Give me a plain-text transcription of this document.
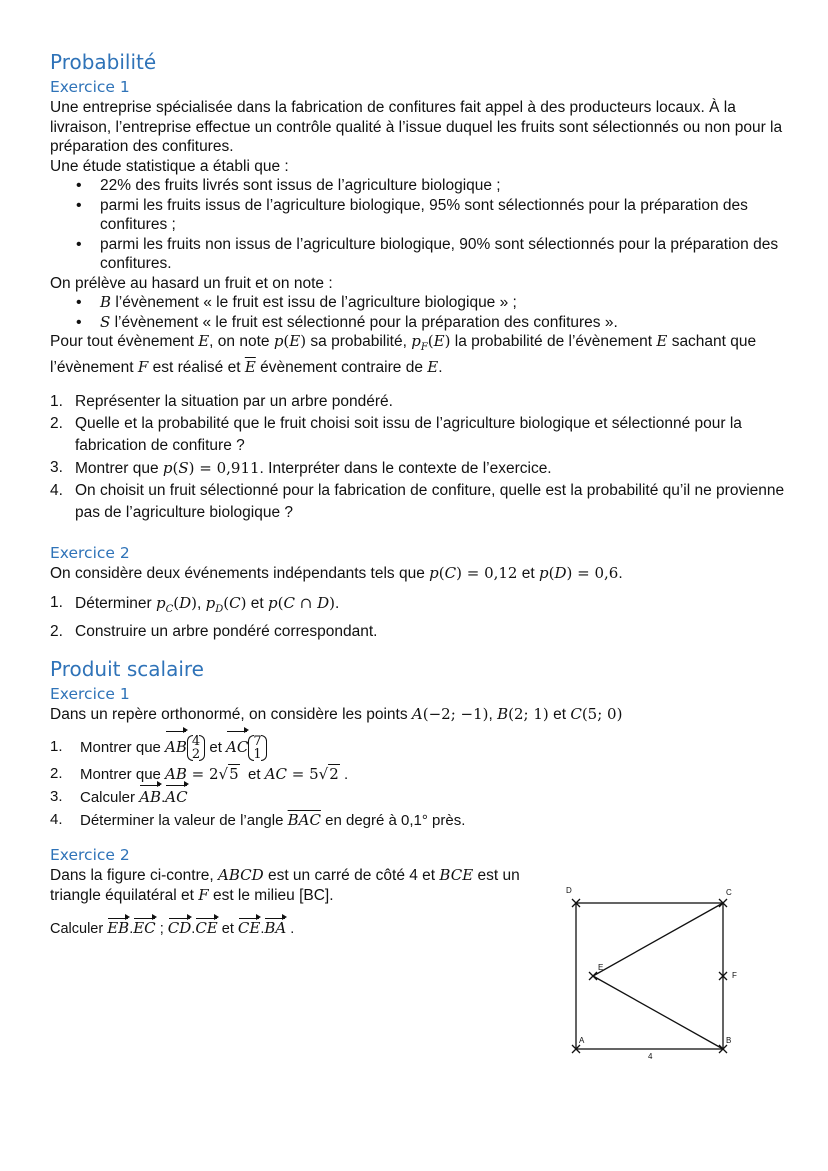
Probabilité
Exercice 1

Une entreprise spécialisée dans la fabrication de confitures fait appel à des producteurs locaux. À la livraison, l’entreprise effectue un contrôle qualité à l’issue duquel les fruits sont sélectionnés ou non pour la préparation des confitures.

Une étude statistique a établi que :

• 22% des fruits livrés sont issus de l’agriculture biologique ;
• parmi les fruits issus de l’agriculture biologique, 95% sont sélectionnés pour la préparation des confitures ;
• parmi les fruits non issus de l’agriculture biologique, 90% sont sélectionnés pour la préparation des confitures.

On prélève au hasard un fruit et on note :

• B l’évènement « le fruit est issu de l’agriculture biologique » ;
• S l’évènement « le fruit est sélectionné pour la préparation des confitures ».

Pour tout évènement E, on note p(E) sa probabilité, $p_F(E)$ la probabilité de l’évènement E sachant que l’évènement F est réalisé et $\overline{E}$ évènement contraire de E.

1. Représenter la situation par un arbre pondéré.
2. Quelle et la probabilité que le fruit choisi soit issu de l’agriculture biologique et sélectionné pour la fabrication de confiture ?
3. Montrer que p(S) = 0,911. Interpréter dans le contexte de l’exercice.
4. On choisit un fruit sélectionné pour la fabrication de confiture, quelle est la probabilité qu’il ne provienne pas de l’agriculture biologique ?
Exercice 2

On considère deux événements indépendants tels que p(C) = 0,12 et p(D) = 0,6.

1. Déterminer $p_C(D)$, $p_D(C)$ et p(C ∩ D).
2. Construire un arbre pondéré correspondant.
Produit scalaire
Exercice 1

Dans un repère orthonormé, on considère les points A(−2; −1), B(2; 1) et C(5; 0)

1. Montrer que AB 4
2 et AC 7
1
2. Montrer que AB = 2√5 et AC = 5√2 .
3. Calculer AB.AC
4. Déterminer la valeur de l’angle $\overline{BAC}$ en degré à 0,1° près.
Exercice 2

Dans la figure ci-contre, ABCD est un carré de côté 4 et BCE est un triangle équilatéral et F est le milieu [BC].

Calculer EB.EC ; CD.CE et CE.BA .

D	C
A	B
E
F
4
